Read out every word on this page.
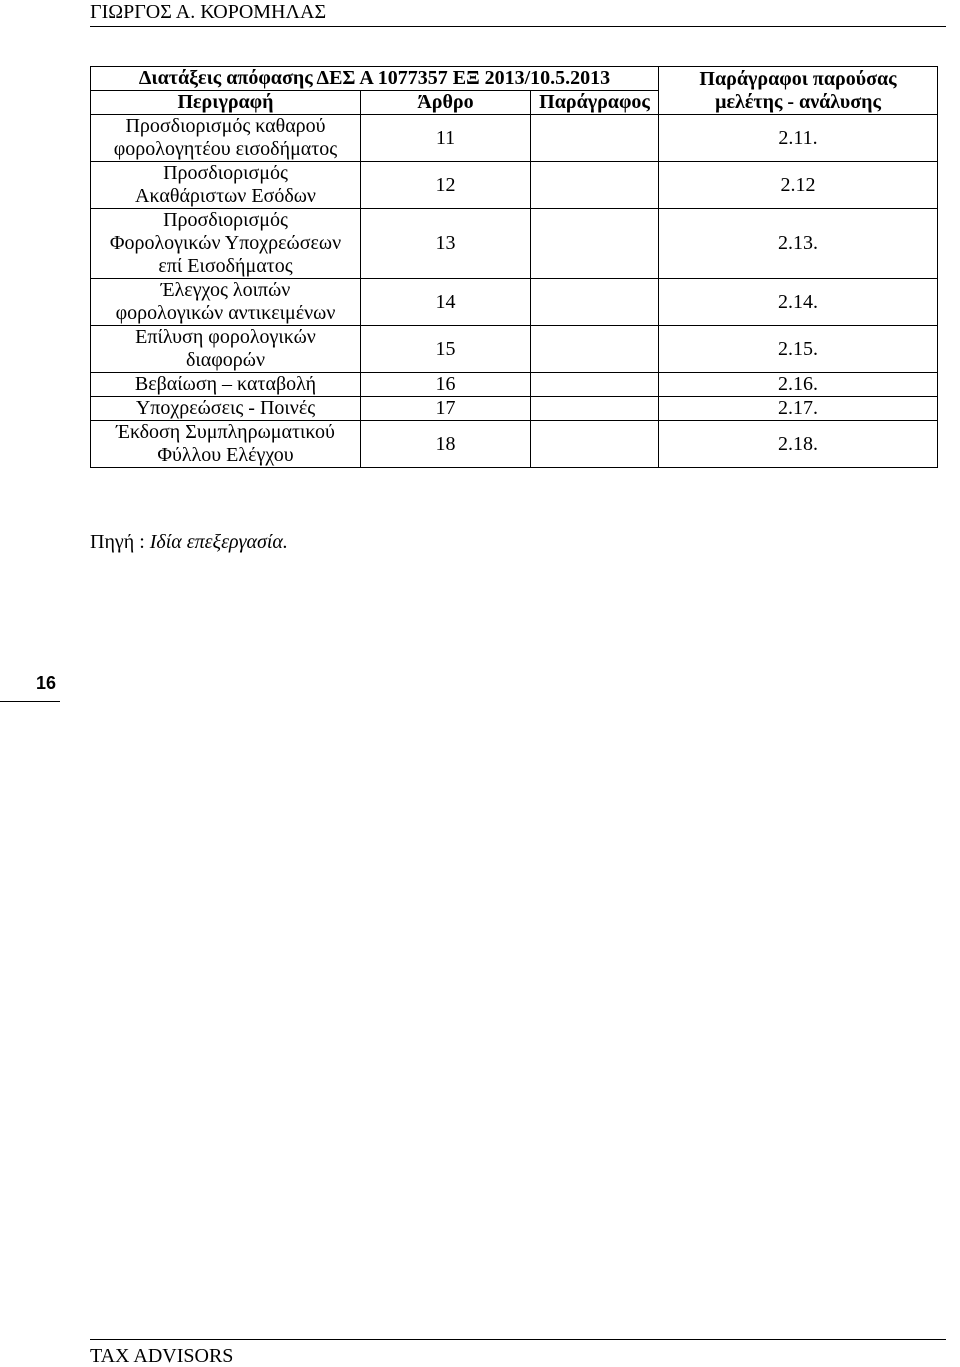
ΓΙΩΡΓΟΣ Α. ΚΟΡΟΜΗΛΑΣ
Διατάξεις απόφασης ΔΕΣ Α 1077357 ΕΞ 2013/10.5.2013			Παράγραφοι παρούσας
μελέτης - ανάλυσης
Περιγραφή	Άρθρο	Παράγραφος	
Προσδιορισμός καθαρού
φορολογητέου εισοδήματος	11		2.11.
Προσδιορισμός
Ακαθάριστων Εσόδων	12		2.12
Προσδιορισμός
Φορολογικών Υποχρεώσεων
επί Εισοδήματος	13		2.13.
Έλεγχος λοιπών
φορολογικών αντικειμένων	14		2.14.
Επίλυση φορολογικών
διαφορών	15		2.15.
Βεβαίωση – καταβολή	16		2.16.
Υποχρεώσεις - Ποινές	17		2.17.
Έκδοση Συμπληρωματικού
Φύλλου Ελέγχου	18		2.18.
Πηγή : Ιδία επεξεργασία.
16
TAX ADVISORS
